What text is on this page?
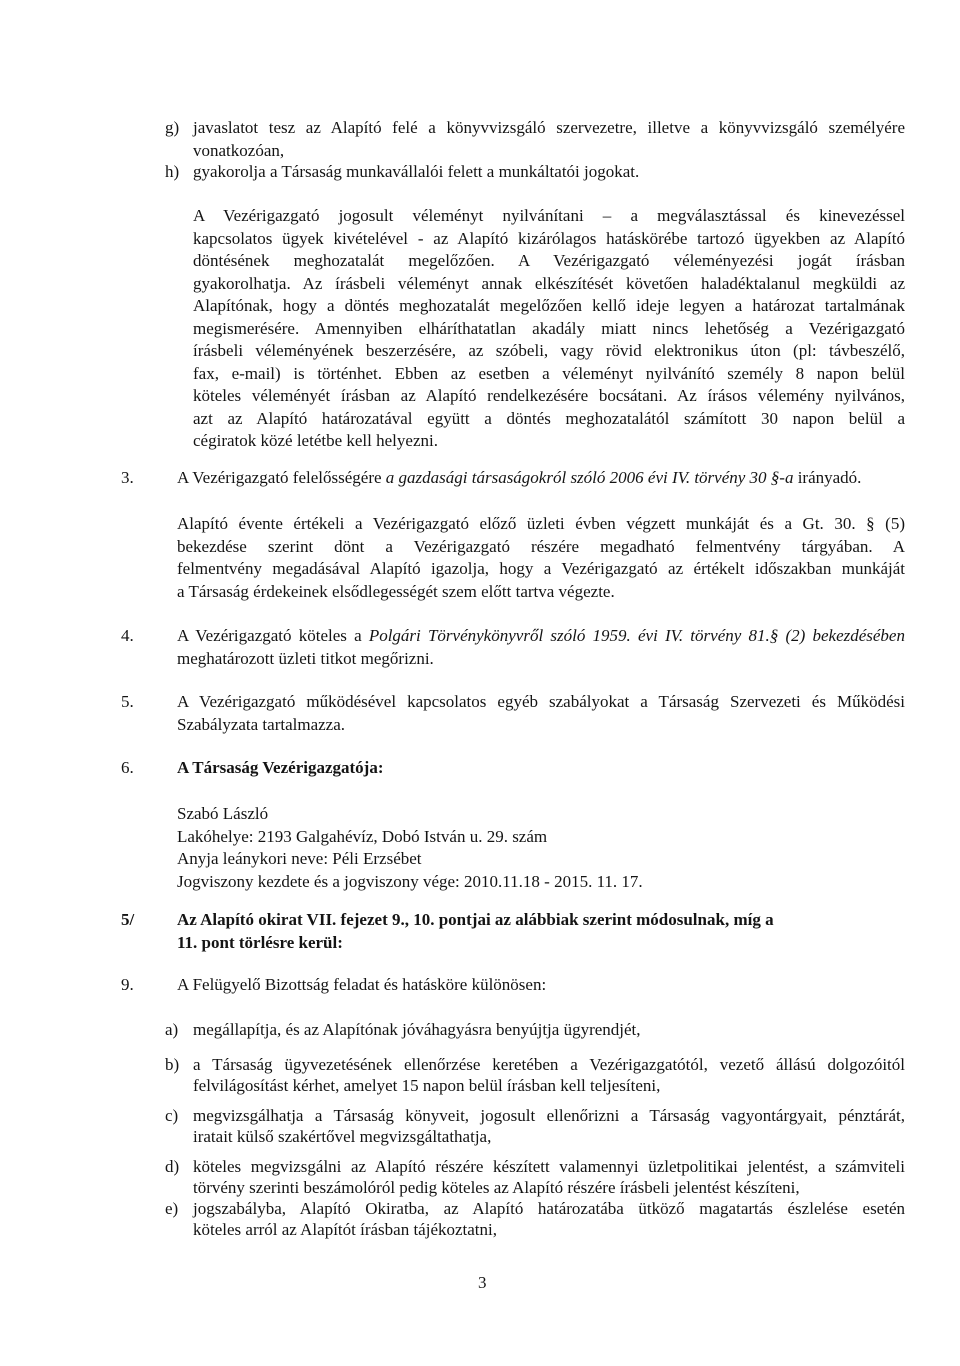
g) javaslatot tesz az Alapító felé a könyvvizsgáló szervezetre, illetve a könyvvizsgáló személyére

vonatkozóan,

h) gyakorolja a Társaság munkavállalói felett a munkáltatói jogokat.

A Vezérigazgató jogosult véleményt nyilvánítani – a megválasztással és kinevezéssel

kapcsolatos ügyek kivételével - az Alapító kizárólagos hatáskörébe tartozó ügyekben az Alapító

döntésének meghozatalát megelőzően. A Vezérigazgató véleményezési jogát írásban

gyakorolhatja. Az írásbeli véleményt annak elkészítését követően haladéktalanul megküldi az

Alapítónak, hogy a döntés meghozatalát megelőzően kellő ideje legyen a határozat tartalmának

megismerésére. Amennyiben elháríthatatlan akadály miatt nincs lehetőség a Vezérigazgató

írásbeli véleményének beszerzésére, az szóbeli, vagy rövid elektronikus úton (pl: távbeszélő,

fax, e-mail) is történhet. Ebben az esetben a véleményt nyilvánító személy 8 napon belül

köteles véleményét írásban az Alapító rendelkezésére bocsátani. Az írásos vélemény nyilvános,

azt az Alapító határozatával együtt a döntés meghozatalától számított 30 napon belül a

cégiratok közé letétbe kell helyezni.

3.	A Vezérigazgató felelősségére a gazdasági társaságokról szóló 2006 évi IV. törvény 30 §-a irányadó.

Alapító évente értékeli a Vezérigazgató előző üzleti évben végzett munkáját és a Gt. 30. § (5)

bekezdése szerint dönt a Vezérigazgató részére megadható felmentvény tárgyában. A

felmentvény megadásával Alapító igazolja, hogy a Vezérigazgató az értékelt időszakban munkáját

a Társaság érdekeinek elsődlegességét szem előtt tartva végezte.

4.	A Vezérigazgató köteles a Polgári Törvénykönyvről szóló 1959. évi IV. törvény 81.§ (2) bekezdésében

meghatározott üzleti titkot megőrizni.

5.	A Vezérigazgató működésével kapcsolatos egyéb szabályokat a Társaság Szervezeti és Működési

Szabályzata tartalmazza.

6.	A Társaság Vezérigazgatója:
Szabó László
Lakóhelye: 2193 Galgahévíz, Dobó István u. 29. szám
Anyja leánykori neve: Péli Erzsébet
Jogviszony kezdete és a jogviszony vége: 2010.11.18 - 2015. 11. 17.
5/	Az Alapító okirat VII. fejezet 9., 10. pontjai az alábbiak szerint módosulnak, míg a
11. pont törlésre kerül:
9.	A Felügyelő Bizottság feladat és hatásköre különösen:
a) megállapítja, és az Alapítónak jóváhagyásra benyújtja ügyrendjét,
b) a Társaság ügyvezetésének ellenőrzése keretében a Vezérigazgatótól, vezető állású dolgozóitól

felvilágosítást kérhet, amelyet 15 napon belül írásban kell teljesíteni,

c) megvizsgálhatja a Társaság könyveit, jogosult ellenőrizni a Társaság vagyontárgyait, pénztárát,

iratait külső szakértővel megvizsgáltathatja,

d) köteles megvizsgálni az Alapító részére készített valamennyi üzletpolitikai jelentést, a számviteli

törvény szerinti beszámolóról pedig köteles az Alapító részére írásbeli jelentést készíteni,

e) jogszabályba, Alapító Okiratba, az Alapító határozatába ütköző magatartás észlelése esetén

köteles arról az Alapítót írásban tájékoztatni,

3
